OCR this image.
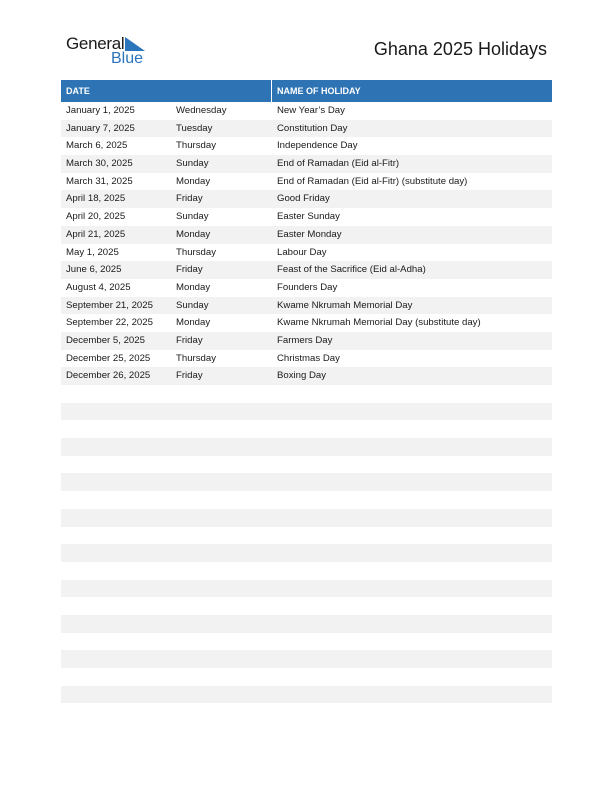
General
Blue	Ghana 2025 Holidays
DATE	NAME OF HOLIDAY
January 1, 2025	Wednesday	New Year’s Day
January 7, 2025	Tuesday	Constitution Day
March 6, 2025	Thursday	Independence Day
March 30, 2025	Sunday	End of Ramadan (Eid al-Fitr)
March 31, 2025	Monday	End of Ramadan (Eid al-Fitr) (substitute day)
April 18, 2025	Friday	Good Friday
April 20, 2025	Sunday	Easter Sunday
April 21, 2025	Monday	Easter Monday
May 1, 2025	Thursday	Labour Day
June 6, 2025	Friday	Feast of the Sacrifice (Eid al-Adha)
August 4, 2025	Monday	Founders Day
September 21, 2025 Sunday	Kwame Nkrumah Memorial Day
September 22, 2025 Monday	Kwame Nkrumah Memorial Day (substitute day)
December 5, 2025	Friday	Farmers Day
December 25, 2025	Thursday	Christmas Day
December 26, 2025	Friday	Boxing Day
